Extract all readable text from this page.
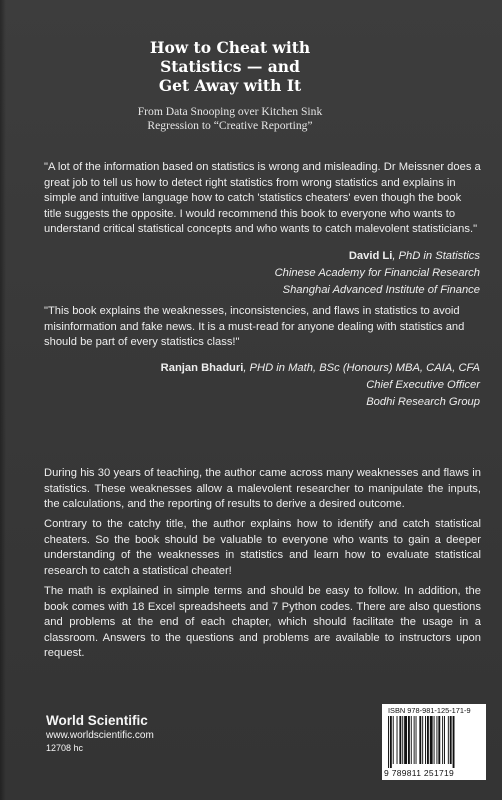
How to Cheat with
Statistics — and
Get Away with It
From Data Snooping over Kitchen Sink
Regression to “Creative Reporting”
"A lot of the information based on statistics is wrong and misleading. Dr Meissner does a great job to tell us how to detect right statistics from wrong statistics and explains in simple and intuitive language how to catch 'statistics cheaters' even though the book title suggests the opposite. I would recommend this book to everyone who wants to understand critical statistical concepts and who wants to catch malevolent statisticians."
David Li, PhD in Statistics
Chinese Academy for Financial Research
Shanghai Advanced Institute of Finance
"This book explains the weaknesses, inconsistencies, and flaws in statistics to avoid misinformation and fake news. It is a must-read for anyone dealing with statistics and should be part of every statistics class!"
Ranjan Bhaduri, PHD in Math, BSc (Honours) MBA, CAIA, CFA
Chief Executive Officer
Bodhi Research Group
During his 30 years of teaching, the author came across many weaknesses and flaws in statistics. These weaknesses allow a malevolent researcher to manipulate the inputs, the calculations, and the reporting of results to derive a desired outcome.
Contrary to the catchy title, the author explains how to identify and catch statistical cheaters. So the book should be valuable to everyone who wants to gain a deeper understanding of the weaknesses in statistics and learn how to evaluate statistical research to catch a statistical cheater!
The math is explained in simple terms and should be easy to follow. In addition, the book comes with 18 Excel spreadsheets and 7 Python codes. There are also questions and problems at the end of each chapter, which should facilitate the usage in a classroom. Answers to the questions and problems are available to instructors upon request.
World Scientific
www.worldscientific.com
12708 hc
ISBN 978-981-125-171-9
9 789811 251719
